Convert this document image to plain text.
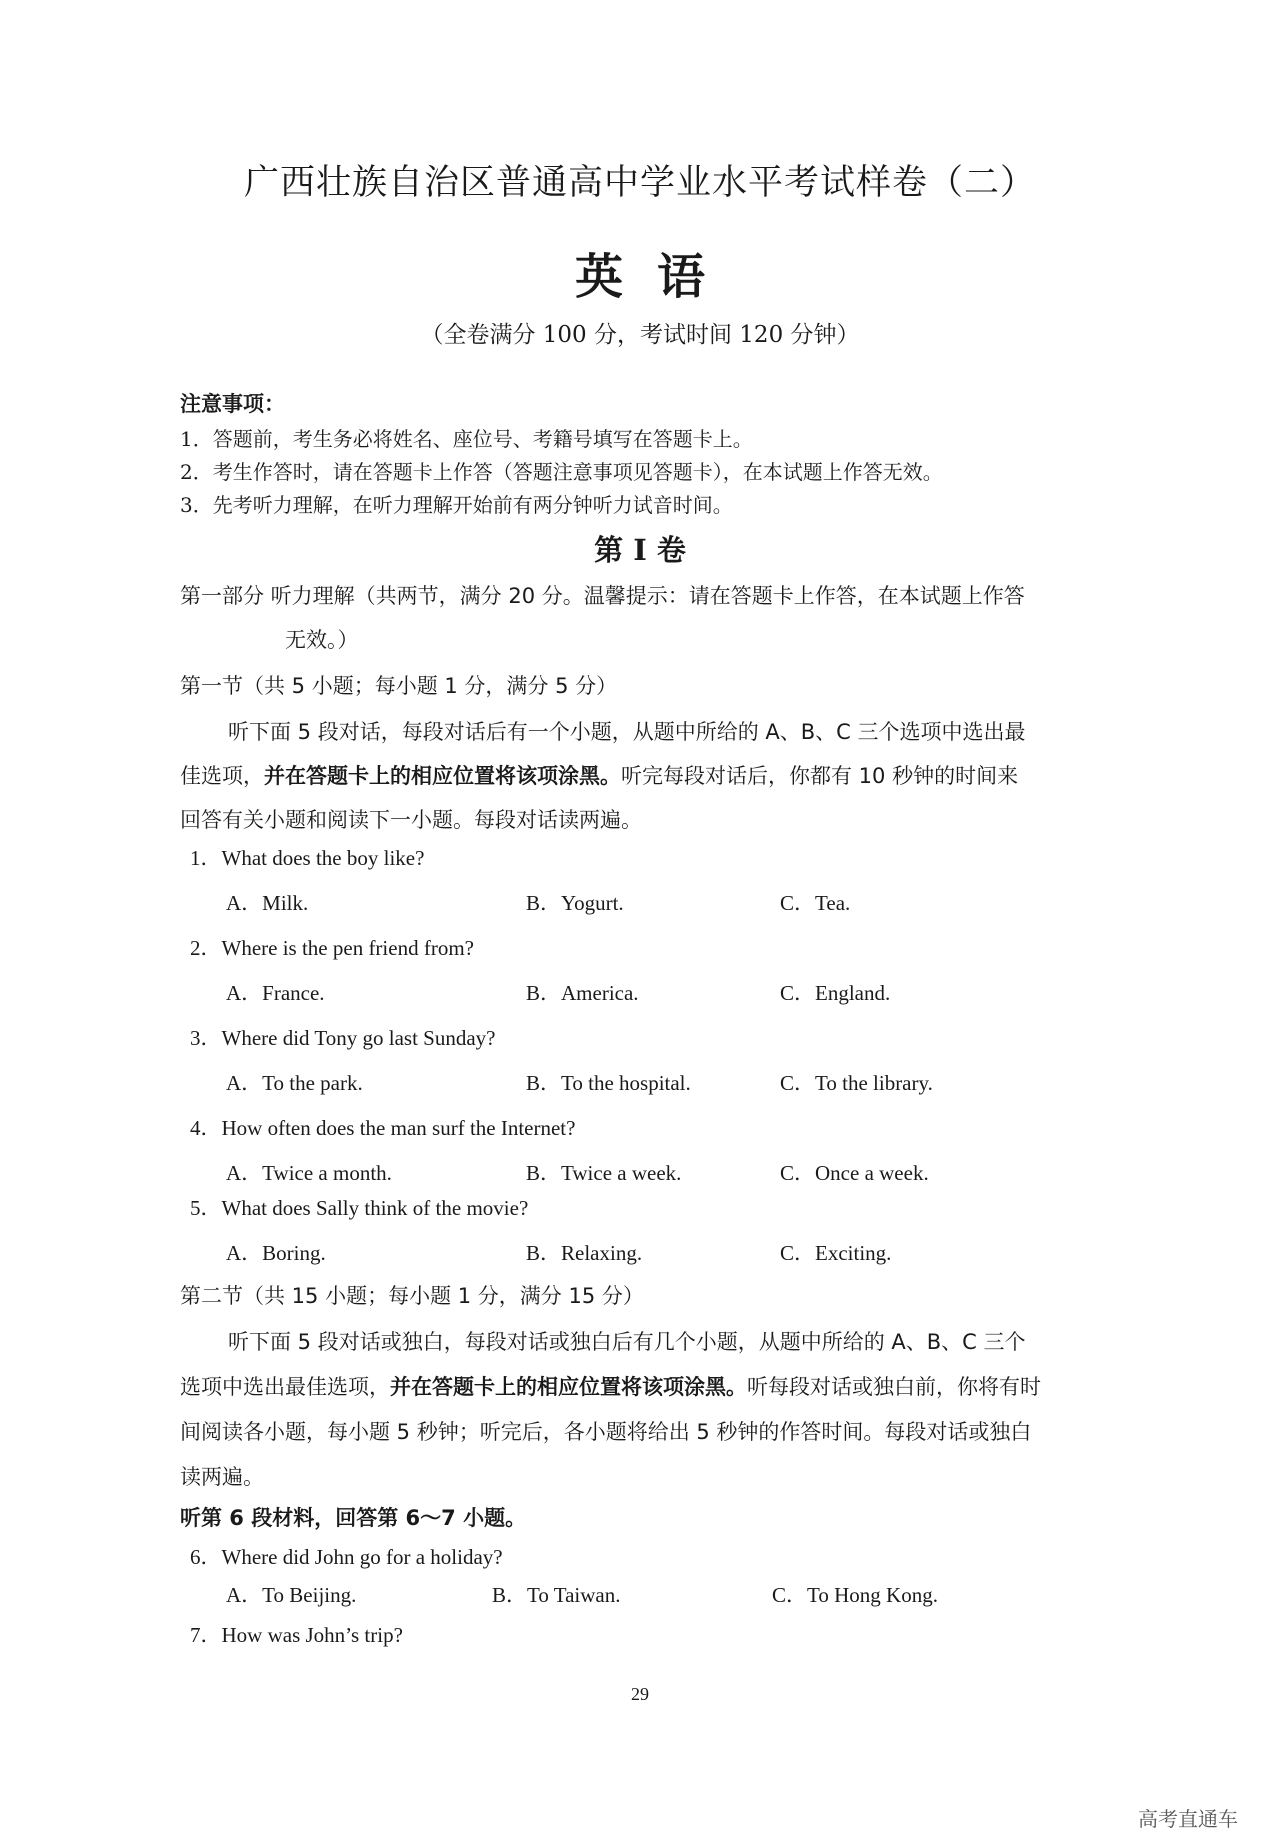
广西壮族自治区普通高中学业水平考试样卷（二）
英语
（全卷满分 100 分，考试时间 120 分钟）
注意事项：
1．答题前，考生务必将姓名、座位号、考籍号填写在答题卡上。
2．考生作答时，请在答题卡上作答（答题注意事项见答题卡），在本试题上作答无效。
3．先考听力理解，在听力理解开始前有两分钟听力试音时间。
第 I 卷
第一部分 听力理解（共两节，满分 20 分。温馨提示：请在答题卡上作答，在本试题上作答
无效。）
第一节（共 5 小题；每小题 1 分，满分 5 分）
听下面 5 段对话，每段对话后有一个小题，从题中所给的 A、B、C 三个选项中选出最
佳选项，并在答题卡上的相应位置将该项涂黑。听完每段对话后，你都有 10 秒钟的时间来
回答有关小题和阅读下一小题。每段对话读两遍。
1．What does the boy like?
A．Milk.	B．Yogurt.	C．Tea.
2．Where is the pen friend from?
A．France.	B．America.	C．England.
3．Where did Tony go last Sunday?
A．To the park.	B．To the hospital.	C．To the library.
4．How often does the man surf the Internet?
A．Twice a month.	B．Twice a week.	C．Once a week.
5．What does Sally think of the movie?
A．Boring.	B．Relaxing.	C．Exciting.
第二节（共 15 小题；每小题 1 分，满分 15 分）
听下面 5 段对话或独白，每段对话或独白后有几个小题，从题中所给的 A、B、C 三个
选项中选出最佳选项，并在答题卡上的相应位置将该项涂黑。听每段对话或独白前，你将有时
间阅读各小题，每小题 5 秒钟；听完后，各小题将给出 5 秒钟的作答时间。每段对话或独白
读两遍。
听第 6 段材料，回答第 6～7 小题。
6．Where did John go for a holiday?
A．To Beijing.	B．To Taiwan.	C．To Hong Kong.
7．How was John’s trip?
29
高考直通车
